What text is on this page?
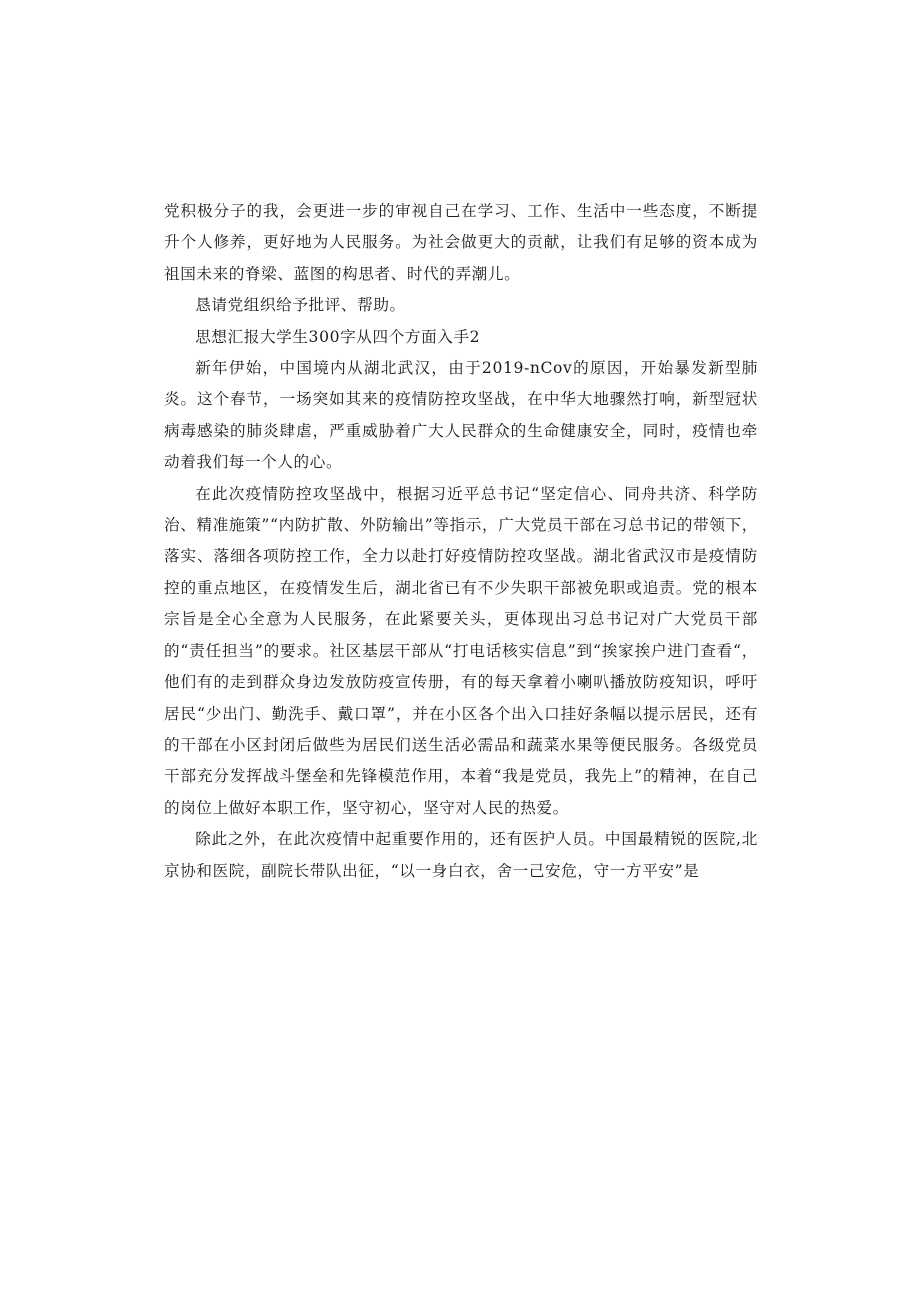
党积极分子的我，会更进一步的审视自己在学习、工作、生活中一些态度，不断提升个人修养，更好地为人民服务。为社会做更大的贡献，让我们有足够的资本成为祖国未来的脊梁、蓝图的构思者、时代的弄潮儿。

恳请党组织给予批评、帮助。

思想汇报大学生300字从四个方面入手2

新年伊始，中国境内从湖北武汉，由于2019-nCov的原因，开始暴发新型肺炎。这个春节，一场突如其来的疫情防控攻坚战，在中华大地骤然打响，新型冠状病毒感染的肺炎肆虐，严重威胁着广大人民群众的生命健康安全，同时，疫情也牵动着我们每一个人的心。

在此次疫情防控攻坚战中，根据习近平总书记“坚定信心、同舟共济、科学防治、精准施策”“内防扩散、外防输出”等指示，广大党员干部在习总书记的带领下，落实、落细各项防控工作，全力以赴打好疫情防控攻坚战。湖北省武汉市是疫情防控的重点地区，在疫情发生后，湖北省已有不少失职干部被免职或追责。党的根本宗旨是全心全意为人民服务，在此紧要关头，更体现出习总书记对广大党员干部的“责任担当”的要求。社区基层干部从“打电话核实信息”到“挨家挨户进门查看“，他们有的走到群众身边发放防疫宣传册，有的每天拿着小喇叭播放防疫知识，呼吁居民“少出门、勤洗手、戴口罩”，并在小区各个出入口挂好条幅以提示居民，还有的干部在小区封闭后做些为居民们送生活必需品和蔬菜水果等便民服务。各级党员干部充分发挥战斗堡垒和先锋模范作用，本着“我是党员，我先上”的精神，在自己的岗位上做好本职工作，坚守初心，坚守对人民的热爱。

除此之外，在此次疫情中起重要作用的，还有医护人员。中国最精锐的医院,北京协和医院，副院长带队出征，“以一身白衣，舍一己安危，守一方平安”是
